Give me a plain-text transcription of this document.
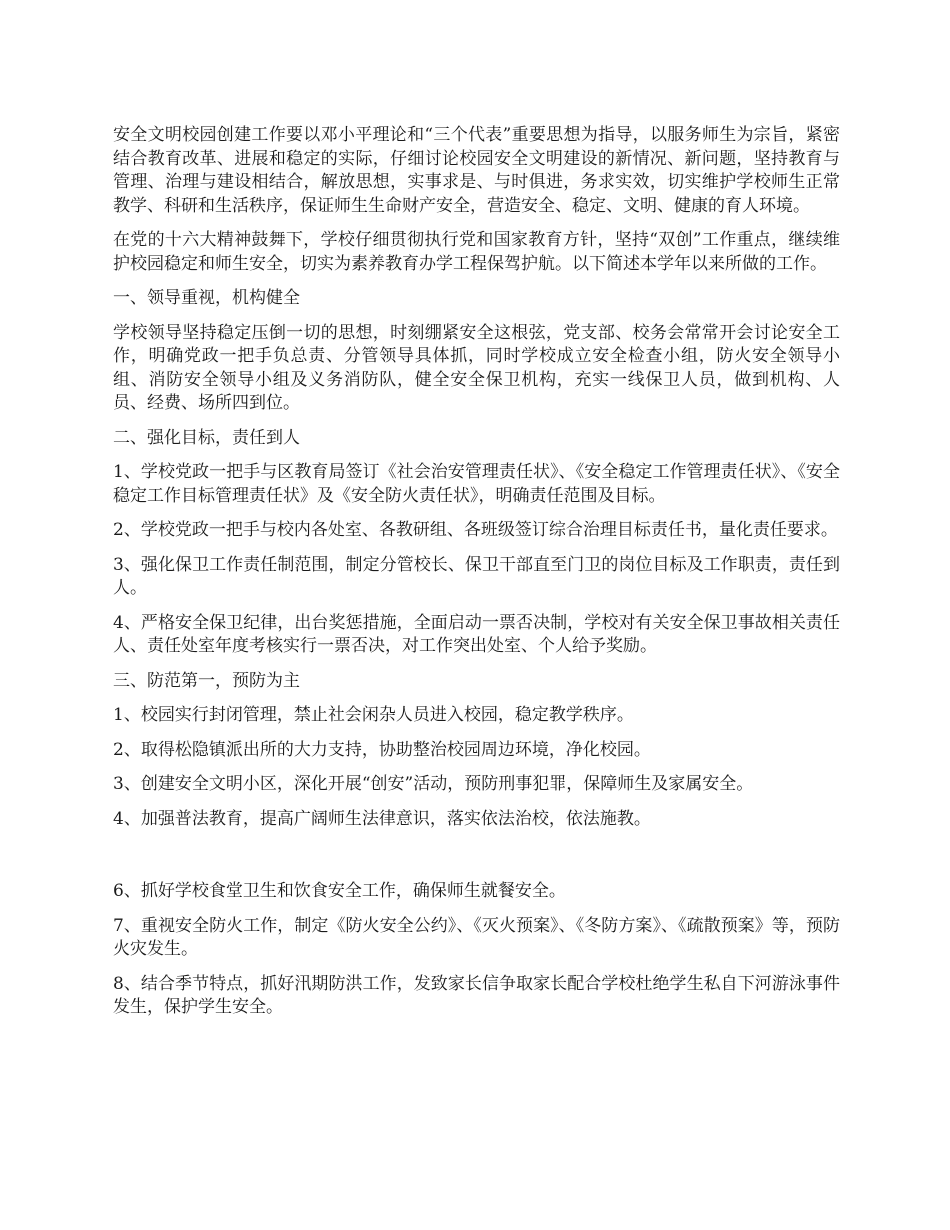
安全文明校园创建工作要以邓小平理论和“三个代表”重要思想为指导，以服务师生为宗旨，紧密结合教育改革、进展和稳定的实际，仔细讨论校园安全文明建设的新情况、新问题，坚持教育与管理、治理与建设相结合，解放思想，实事求是、与时俱进，务求实效，切实维护学校师生正常教学、科研和生活秩序，保证师生生命财产安全，营造安全、稳定、文明、健康的育人环境。

在党的十六大精神鼓舞下，学校仔细贯彻执行党和国家教育方针，坚持“双创”工作重点，继续维护校园稳定和师生安全，切实为素养教育办学工程保驾护航。以下简述本学年以来所做的工作。

一、领导重视，机构健全

学校领导坚持稳定压倒一切的思想，时刻绷紧安全这根弦，党支部、校务会常常开会讨论安全工作，明确党政一把手负总责、分管领导具体抓，同时学校成立安全检查小组，防火安全领导小组、消防安全领导小组及义务消防队，健全安全保卫机构，充实一线保卫人员，做到机构、人员、经费、场所四到位。

二、强化目标，责任到人

1、学校党政一把手与区教育局签订《社会治安管理责任状》、《安全稳定工作管理责任状》、《安全稳定工作目标管理责任状》及《安全防火责任状》，明确责任范围及目标。

2、学校党政一把手与校内各处室、各教研组、各班级签订综合治理目标责任书，量化责任要求。

3、强化保卫工作责任制范围，制定分管校长、保卫干部直至门卫的岗位目标及工作职责，责任到人。

4、严格安全保卫纪律，出台奖惩措施，全面启动一票否决制，学校对有关安全保卫事故相关责任人、责任处室年度考核实行一票否决，对工作突出处室、个人给予奖励。

三、防范第一，预防为主

1、校园实行封闭管理，禁止社会闲杂人员进入校园，稳定教学秩序。

2、取得松隐镇派出所的大力支持，协助整治校园周边环境，净化校园。

3、创建安全文明小区，深化开展“创安”活动，预防刑事犯罪，保障师生及家属安全。

4、加强普法教育，提高广阔师生法律意识，落实依法治校，依法施教。

6、抓好学校食堂卫生和饮食安全工作，确保师生就餐安全。

7、重视安全防火工作，制定《防火安全公约》、《灭火预案》、《冬防方案》、《疏散预案》等，预防火灾发生。

8、结合季节特点，抓好汛期防洪工作，发致家长信争取家长配合学校杜绝学生私自下河游泳事件发生，保护学生安全。
